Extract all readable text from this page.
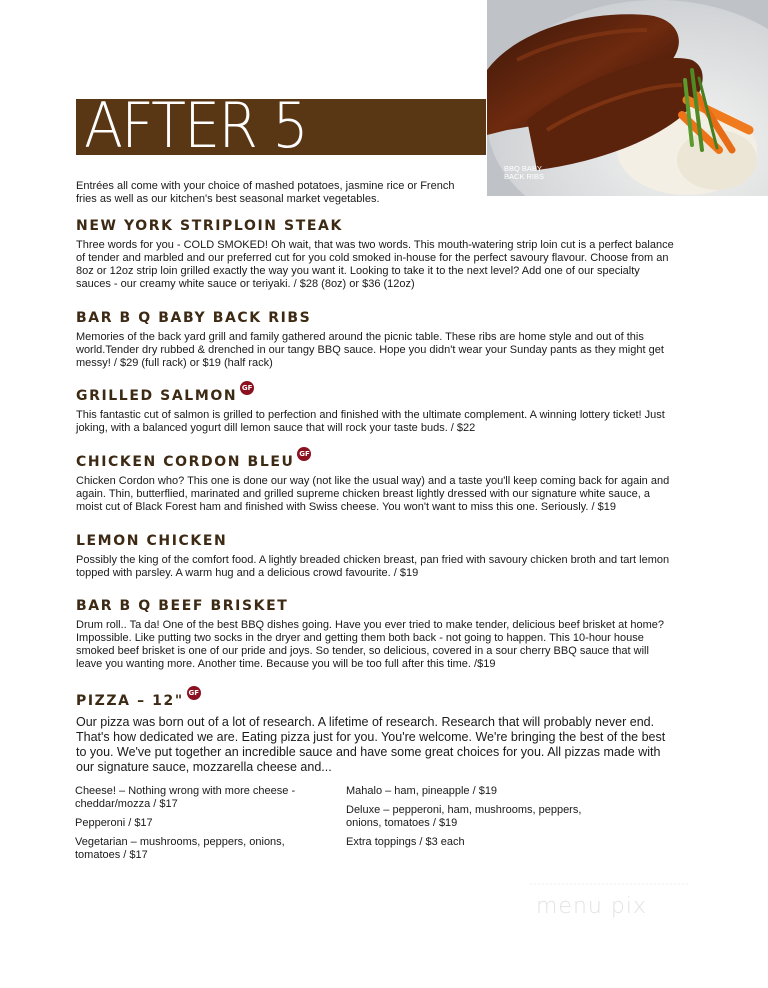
AFTER 5
BBQ BABY BACK RIBS
Entrées all come with your choice of mashed potatoes, jasmine rice or French fries as well as our kitchen's best seasonal market vegetables.
NEW YORK STRIPLOIN STEAK

Three words for you - COLD SMOKED! Oh wait, that was two words. This mouth-watering strip loin cut is a perfect balance of tender and marbled and our preferred cut for you cold smoked in-house for the perfect savoury flavour. Choose from an 8oz or 12oz strip loin grilled exactly the way you want it. Looking to take it to the next level? Add one of our specialty sauces - our creamy white sauce or teriyaki. / $28 (8oz) or $36 (12oz)

BAR B Q BABY BACK RIBS

Memories of the back yard grill and family gathered around the picnic table. These ribs are home style and out of this world.Tender dry rubbed & drenched in our tangy BBQ sauce. Hope you didn't wear your Sunday pants as they might get messy! / $29 (full rack) or $19 (half rack)

GRILLED SALMON GF

This fantastic cut of salmon is grilled to perfection and finished with the ultimate complement. A winning lottery ticket! Just joking, with a balanced yogurt dill lemon sauce that will rock your taste buds. / $22

CHICKEN CORDON BLEU GF

Chicken Cordon who? This one is done our way (not like the usual way) and a taste you'll keep coming back for again and again. Thin, butterflied, marinated and grilled supreme chicken breast lightly dressed with our signature white sauce, a moist cut of Black Forest ham and finished with Swiss cheese. You won't want to miss this one. Seriously. / $19

LEMON CHICKEN

Possibly the king of the comfort food. A lightly breaded chicken breast, pan fried with savoury chicken broth and tart lemon topped with parsley. A warm hug and a delicious crowd favourite. / $19

BAR B Q BEEF BRISKET

Drum roll.. Ta da! One of the best BBQ dishes going. Have you ever tried to make tender, delicious beef brisket at home? Impossible. Like putting two socks in the dryer and getting them both back - not going to happen. This 10-hour house smoked beef brisket is one of our pride and joys. So tender, so delicious, covered in a sour cherry BBQ sauce that will leave you wanting more. Another time. Because you will be too full after this time. /$19

PIZZA – 12" GF
Our pizza was born out of a lot of research. A lifetime of research. Research that will probably never end. That's how dedicated we are. Eating pizza just for you. You're welcome. We're bringing the best of the best to you. We've put together an incredible sauce and have some great choices for you. All pizzas made with our signature sauce, mozzarella cheese and...
Cheese! – Nothing wrong with more cheese - cheddar/mozza / $17
Pepperoni / $17
Vegetarian – mushrooms, peppers, onions, tomatoes / $17
Mahalo – ham, pineapple / $19
Deluxe – pepperoni, ham, mushrooms, peppers, onions, tomatoes / $19
Extra toppings / $3 each
menu pix
